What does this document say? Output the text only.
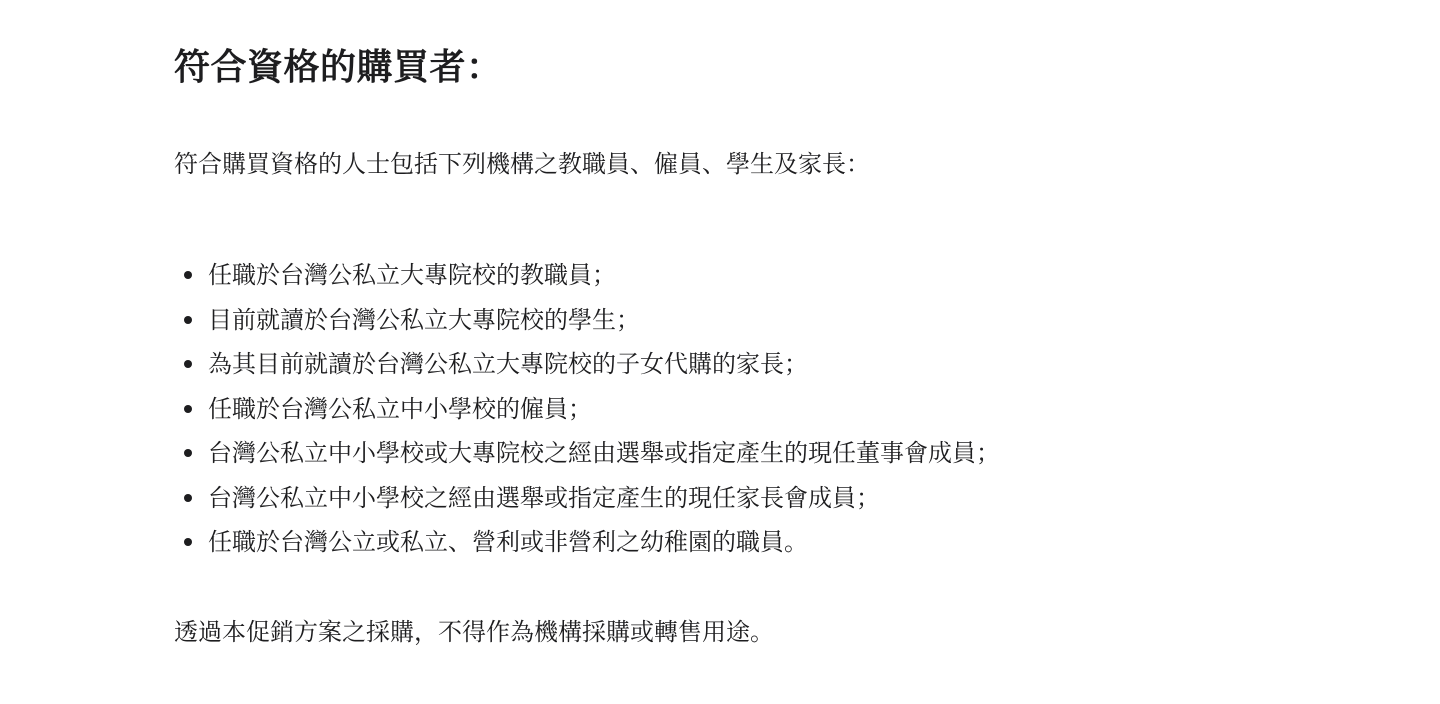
符合資格的購買者：

符合購買資格的人士包括下列機構之教職員、僱員、學生及家長：

任職於台灣公私立大專院校的教職員；
目前就讀於台灣公私立大專院校的學生；
為其目前就讀於台灣公私立大專院校的子女代購的家長；
任職於台灣公私立中小學校的僱員；
台灣公私立中小學校或大專院校之經由選舉或指定產生的現任董事會成員；
台灣公私立中小學校之經由選舉或指定產生的現任家長會成員；
任職於台灣公立或私立、營利或非營利之幼稚園的職員。

透過本促銷方案之採購，不得作為機構採購或轉售用途。
